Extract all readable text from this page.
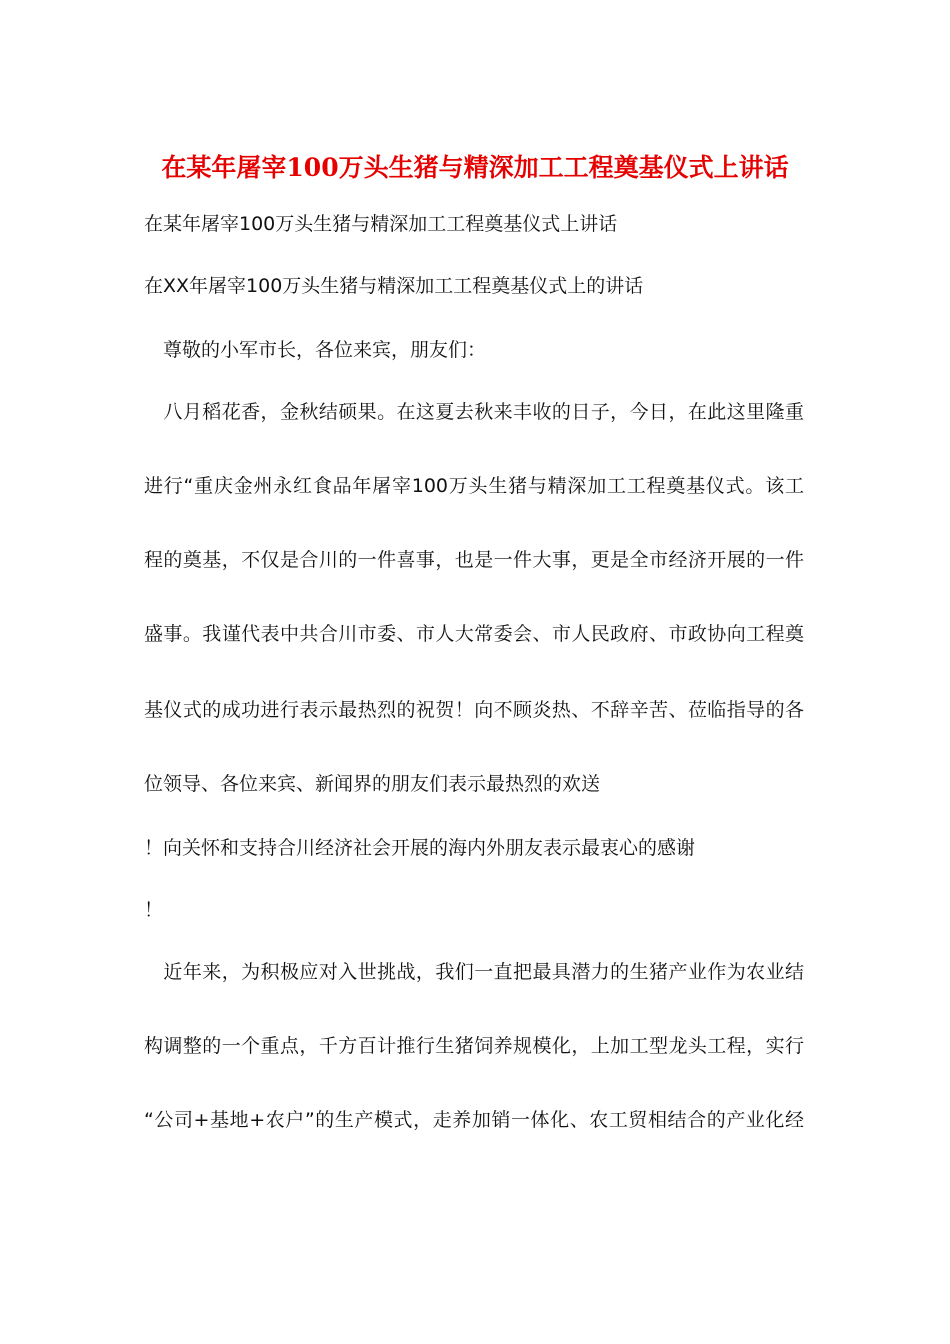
在某年屠宰100万头生猪与精深加工工程奠基仪式上讲话
在某年屠宰100万头生猪与精深加工工程奠基仪式上讲话
在XX年屠宰100万头生猪与精深加工工程奠基仪式上的讲话
　尊敬的小军市长，各位来宾，朋友们：
　八月稻花香，金秋结硕果。在这夏去秋来丰收的日子，今日，在此这里隆重
进行“重庆金州永红食品年屠宰100万头生猪与精深加工工程奠基仪式。该工
程的奠基，不仅是合川的一件喜事，也是一件大事，更是全市经济开展的一件
盛事。我谨代表中共合川市委、市人大常委会、市人民政府、市政协向工程奠
基仪式的成功进行表示最热烈的祝贺！向不顾炎热、不辞辛苦、莅临指导的各
位领导、各位来宾、新闻界的朋友们表示最热烈的欢送
！向关怀和支持合川经济社会开展的海内外朋友表示最衷心的感谢
！
　近年来，为积极应对入世挑战，我们一直把最具潜力的生猪产业作为农业结
构调整的一个重点，千方百计推行生猪饲养规模化，上加工型龙头工程，实行
“公司+基地+农户”的生产模式，走养加销一体化、农工贸相结合的产业化经
